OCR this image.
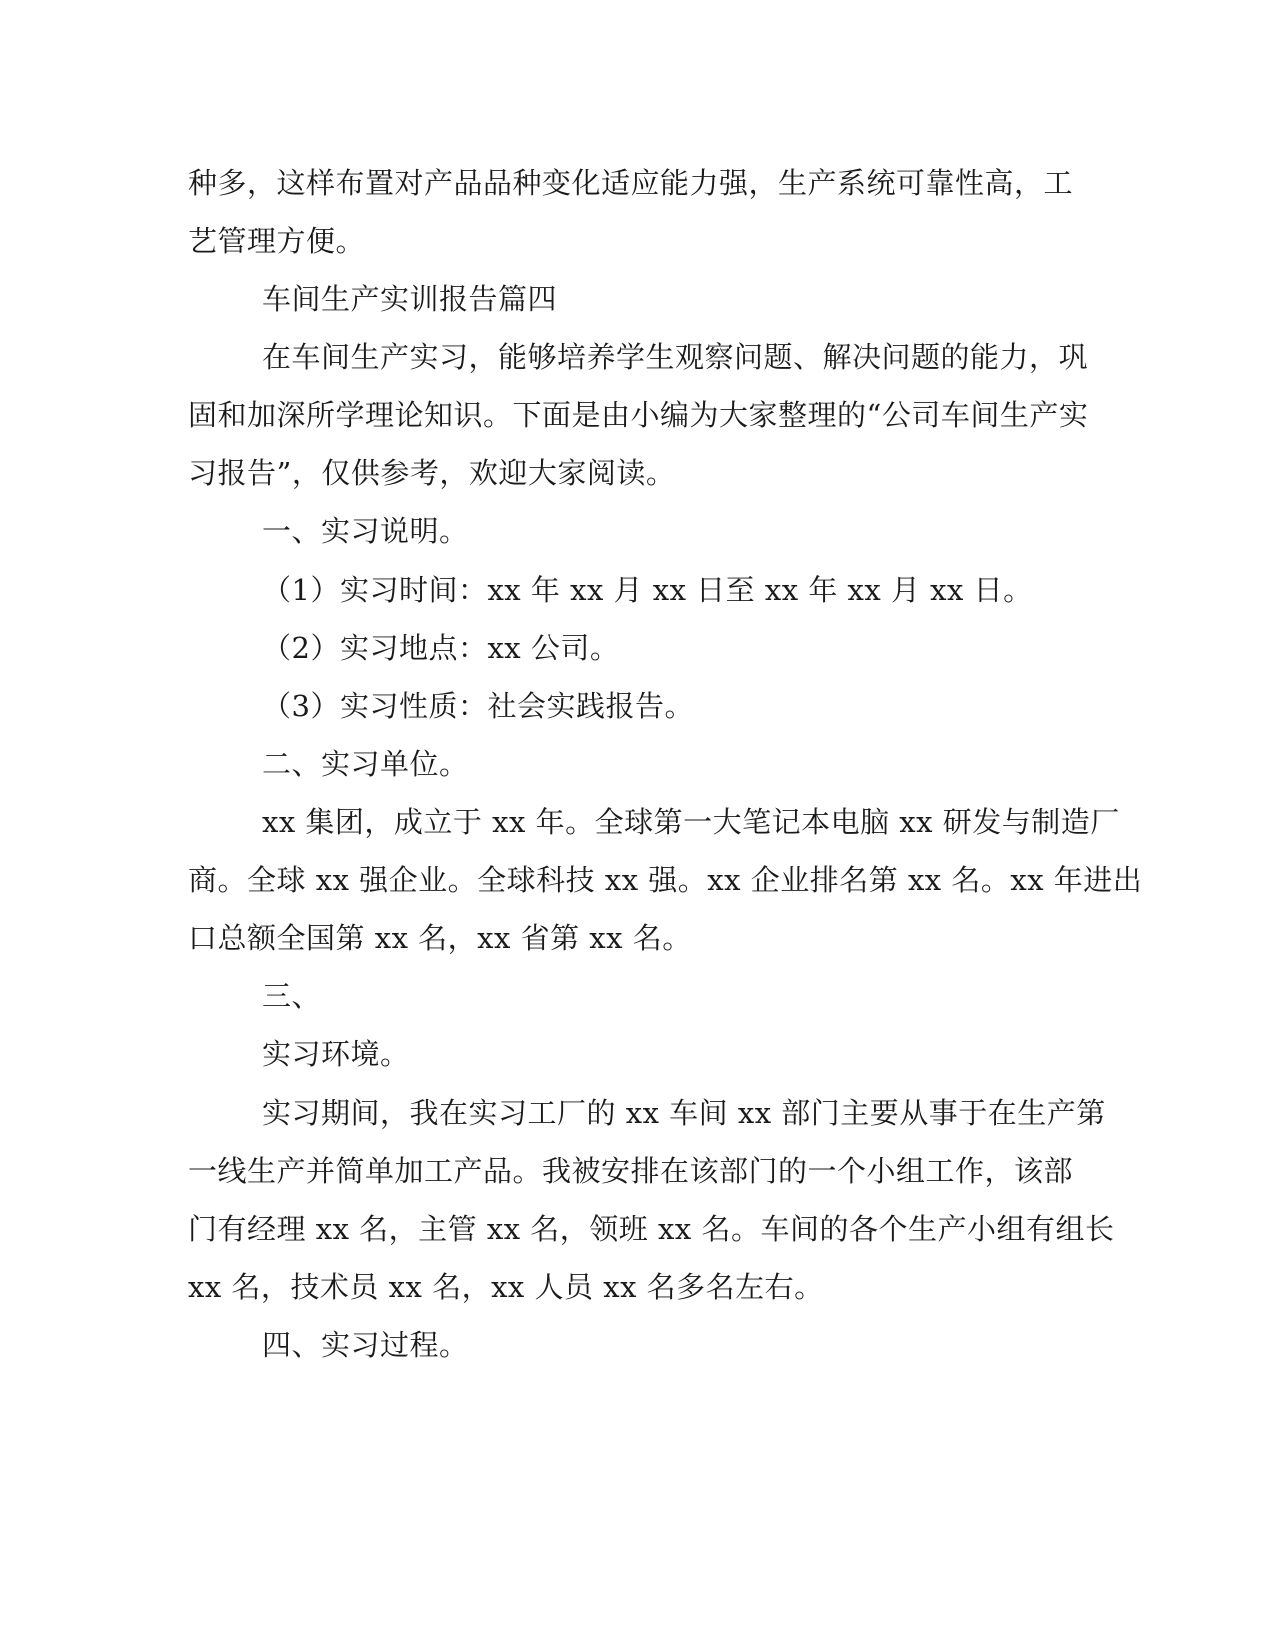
种多，这样布置对产品品种变化适应能力强，生产系统可靠性高，工
艺管理方便。
车间生产实训报告篇四
在车间生产实习，能够培养学生观察问题、解决问题的能力，巩
固和加深所学理论知识。下面是由小编为大家整理的“公司车间生产实
习报告”，仅供参考，欢迎大家阅读。
一、实习说明。
（1）实习时间：xx 年 xx 月 xx 日至 xx 年 xx 月 xx 日。
（2）实习地点：xx 公司。
（3）实习性质：社会实践报告。
二、实习单位。
xx 集团，成立于 xx 年。全球第一大笔记本电脑 xx 研发与制造厂
商。全球 xx 强企业。全球科技 xx 强。xx 企业排名第 xx 名。xx 年进出
口总额全国第 xx 名，xx 省第 xx 名。
三、
实习环境。
实习期间，我在实习工厂的 xx 车间 xx 部门主要从事于在生产第
一线生产并简单加工产品。我被安排在该部门的一个小组工作，该部
门有经理 xx 名，主管 xx 名，领班 xx 名。车间的各个生产小组有组长
xx 名，技术员 xx 名，xx 人员 xx 名多名左右。
四、实习过程。
